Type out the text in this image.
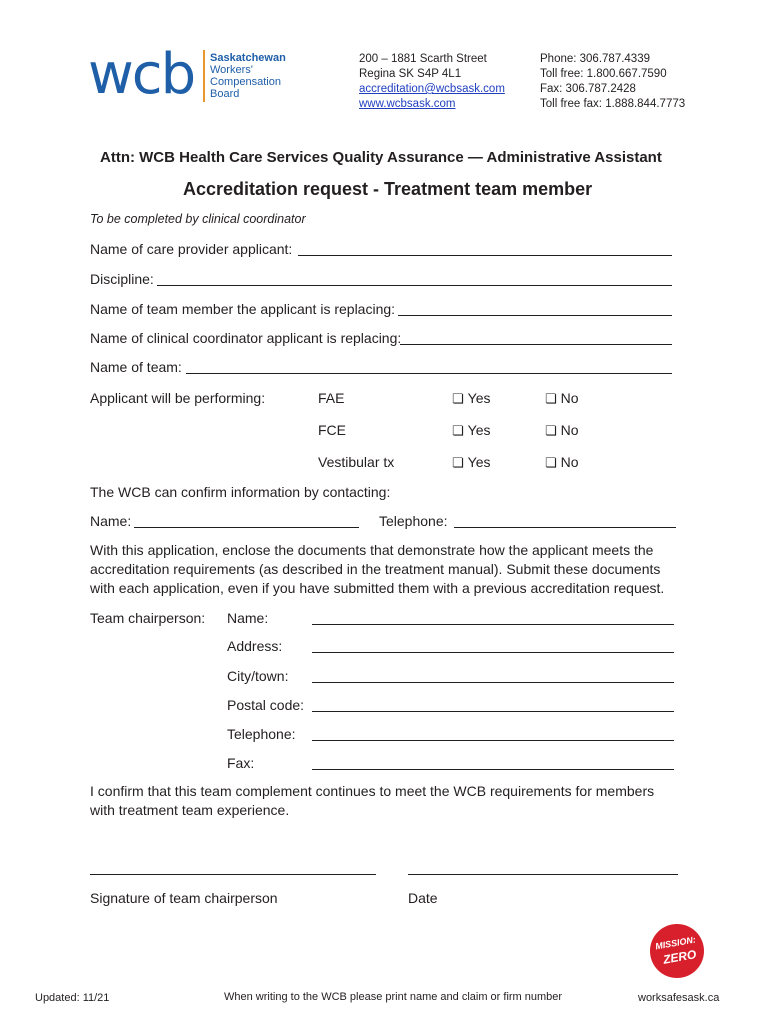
wcb Saskatchewan
Workers'
Compensation
Board
200 – 1881 Scarth Street
Regina SK S4P 4L1
accreditation@wcbsask.com
www.wcbsask.com
Phone: 306.787.4339
Toll free: 1.800.667.7590
Fax: 306.787.2428
Toll free fax: 1.888.844.7773
Attn: WCB Health Care Services Quality Assurance — Administrative Assistant
Accreditation request - Treatment team member
To be completed by clinical coordinator
Name of care provider applicant:
Discipline:
Name of team member the applicant is replacing:
Name of clinical coordinator applicant is replacing:
Name of team:
Applicant will be performing:	FAE	❏ Yes	❏ No
FCE	❏ Yes	❏ No
Vestibular tx	❏ Yes	❏ No
The WCB can confirm information by contacting:
Name:	Telephone:
With this application, enclose the documents that demonstrate how the applicant meets the accreditation requirements (as described in the treatment manual). Submit these documents with each application, even if you have submitted them with a previous accreditation request.
Team chairperson: Name:
Address:
City/town:
Postal code:
Telephone:
Fax:
I confirm that this team complement continues to meet the WCB requirements for members with treatment team experience.
Signature of team chairperson	Date
MISSION:
ZERO
Updated: 11/21	When writing to the WCB please print name and claim or firm number	worksafesask.ca
